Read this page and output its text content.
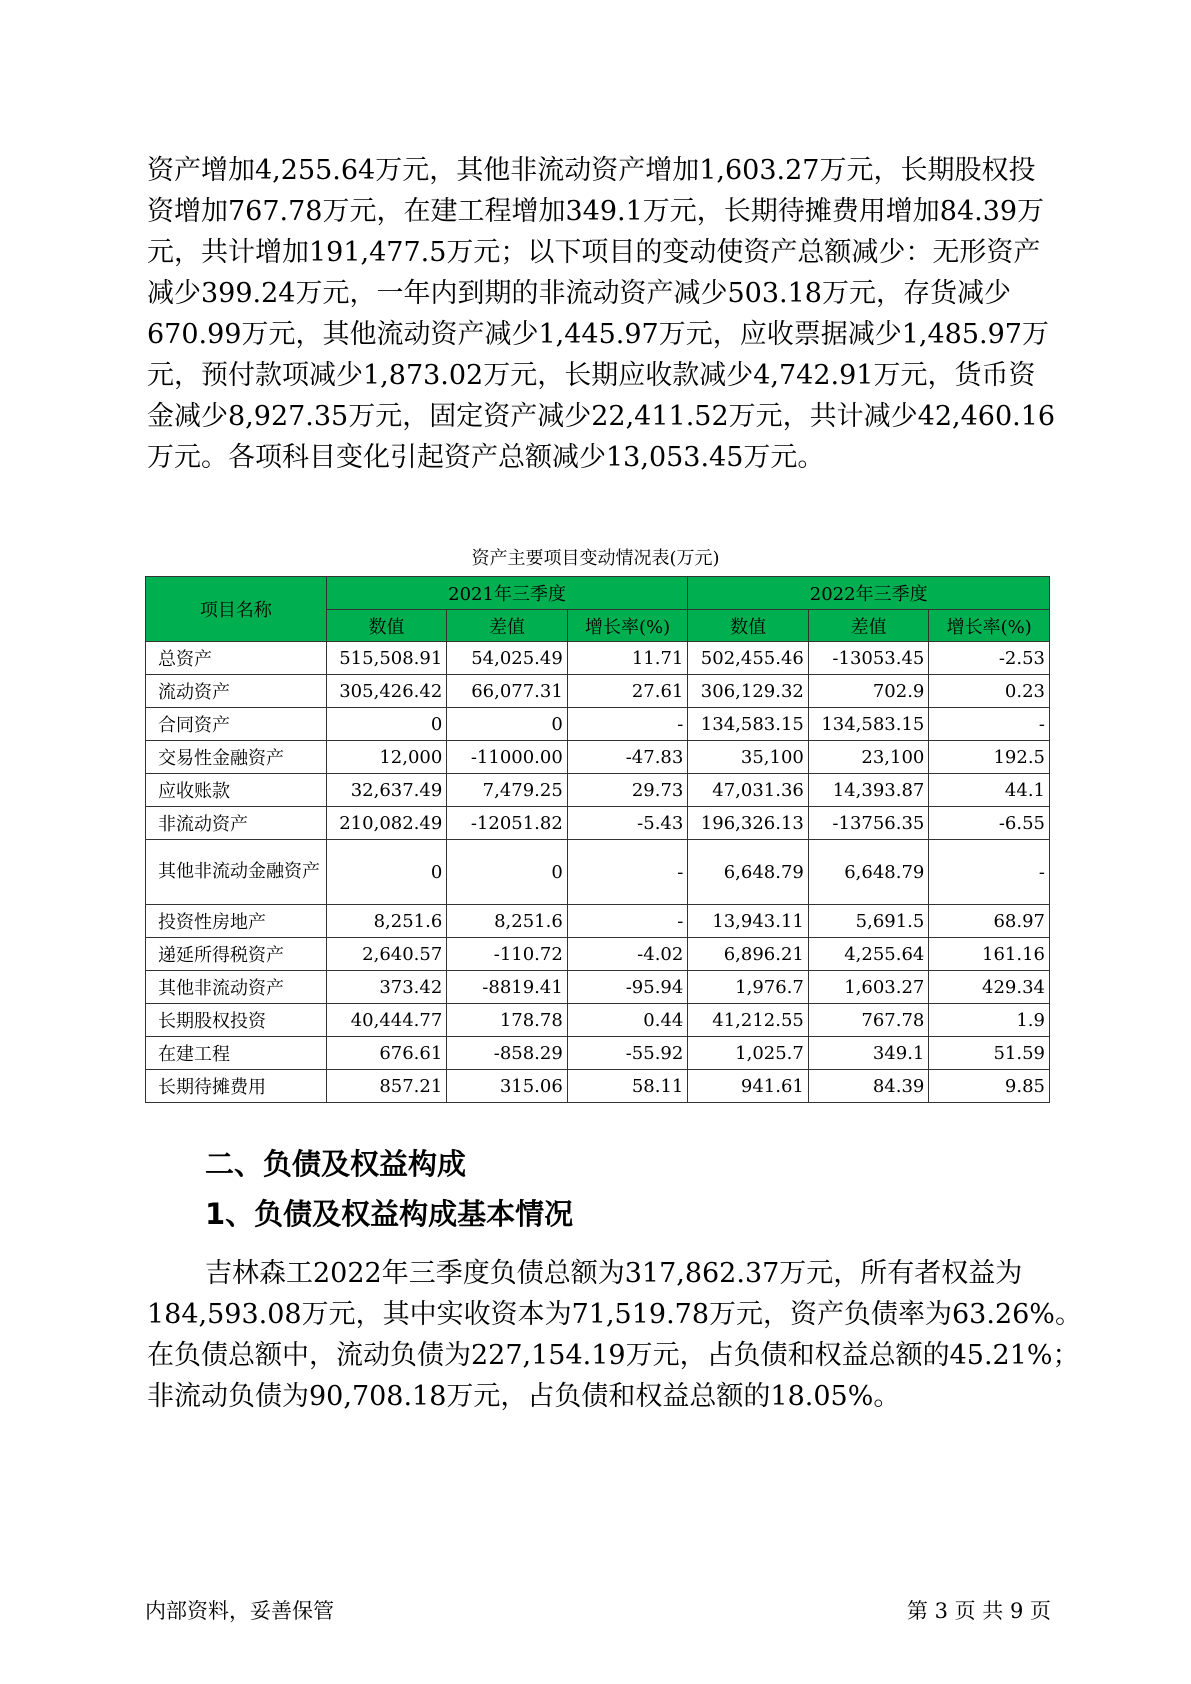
资产增加4,255.64万元，其他非流动资产增加1,603.27万元，长期股权投
资增加767.78万元，在建工程增加349.1万元，长期待摊费用增加84.39万
元，共计增加191,477.5万元；以下项目的变动使资产总额减少：无形资产
减少399.24万元，一年内到期的非流动资产减少503.18万元，存货减少
670.99万元，其他流动资产减少1,445.97万元，应收票据减少1,485.97万
元，预付款项减少1,873.02万元，长期应收款减少4,742.91万元，货币资
金减少8,927.35万元，固定资产减少22,411.52万元，共计减少42,460.16
万元。各项科目变化引起资产总额减少13,053.45万元。
资产主要项目变动情况表(万元)
项目名称	2021年三季度			2022年三季度		
	数值	差值	增长率(%)	数值	差值	增长率(%)
总资产	515,508.91	54,025.49	11.71	502,455.46	-13053.45	-2.53
流动资产	305,426.42	66,077.31	27.61	306,129.32	702.9	0.23
合同资产	0	0	-	134,583.15	134,583.15	-
交易性金融资产	12,000	-11000.00	-47.83	35,100	23,100	192.5
应收账款	32,637.49	7,479.25	29.73	47,031.36	14,393.87	44.1
非流动资产	210,082.49	-12051.82	-5.43	196,326.13	-13756.35	-6.55
其他非流动金融资产	0	0	-	6,648.79	6,648.79	-
投资性房地产	8,251.6	8,251.6	-	13,943.11	5,691.5	68.97
递延所得税资产	2,640.57	-110.72	-4.02	6,896.21	4,255.64	161.16
其他非流动资产	373.42	-8819.41	-95.94	1,976.7	1,603.27	429.34
长期股权投资	40,444.77	178.78	0.44	41,212.55	767.78	1.9
在建工程	676.61	-858.29	-55.92	1,025.7	349.1	51.59
长期待摊费用	857.21	315.06	58.11	941.61	84.39	9.85
二、负债及权益构成
1、负债及权益构成基本情况
吉林森工2022年三季度负债总额为317,862.37万元，所有者权益为
184,593.08万元，其中实收资本为71,519.78万元，资产负债率为63.26%。
在负债总额中，流动负债为227,154.19万元，占负债和权益总额的45.21%；
非流动负债为90,708.18万元，占负债和权益总额的18.05%。
内部资料，妥善保管	第 3 页 共 9 页
